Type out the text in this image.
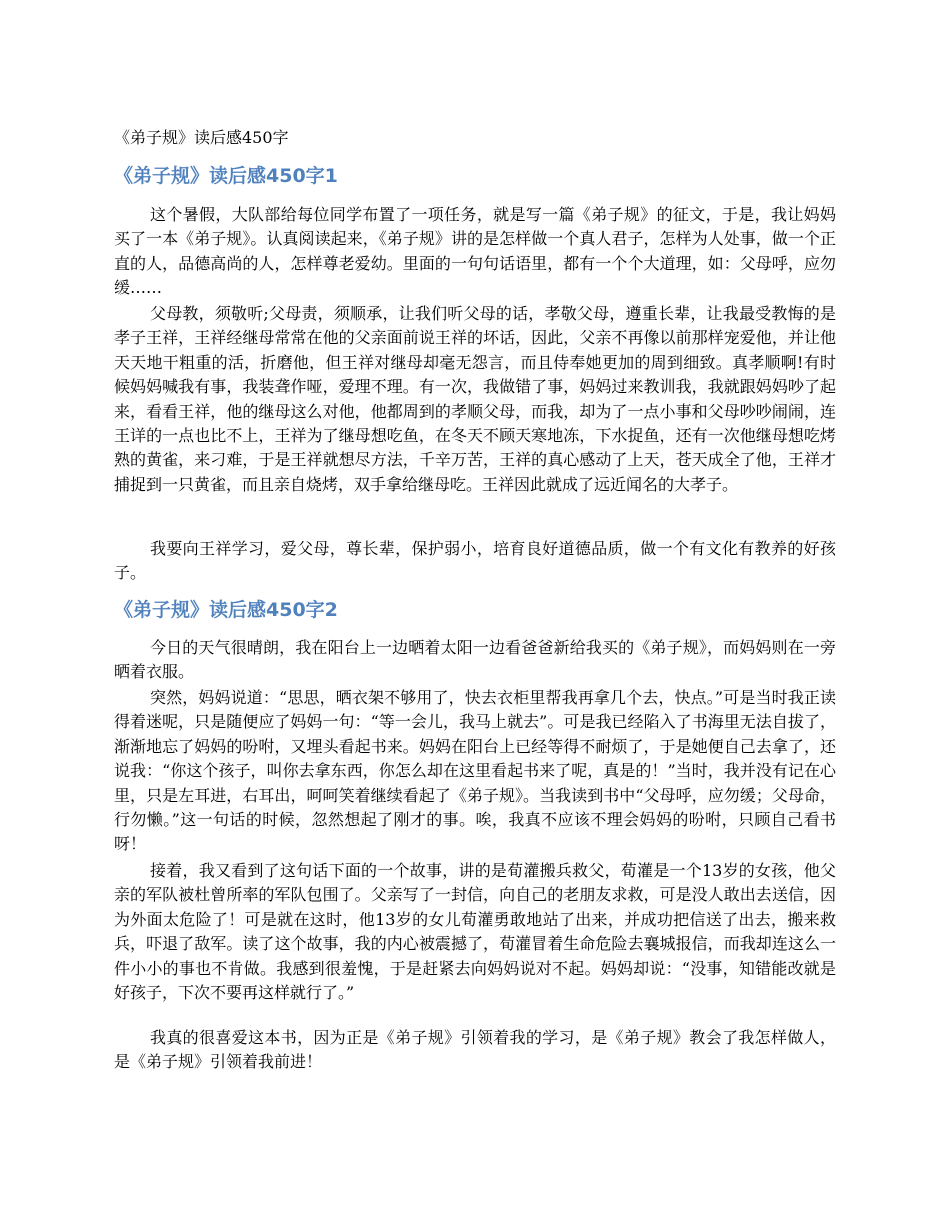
《弟子规》读后感450字
《弟子规》读后感450字1

这个暑假，大队部给每位同学布置了一项任务，就是写一篇《弟子规》的征文，于是，我让妈妈买了一本《弟子规》。认真阅读起来，《弟子规》讲的是怎样做一个真人君子，怎样为人处事，做一个正直的人，品德高尚的人，怎样尊老爱幼。里面的一句句话语里，都有一个个大道理，如：父母呼，应勿缓……

父母教，须敬听;父母责，须顺承，让我们听父母的话，孝敬父母，遵重长辈，让我最受教悔的是孝子王祥，王祥经继母常常在他的父亲面前说王祥的坏话，因此，父亲不再像以前那样宠爱他，并让他天天地干粗重的活，折磨他，但王祥对继母却毫无怨言，而且侍奉她更加的周到细致。真孝顺啊!有时候妈妈喊我有事，我装聋作哑，爱理不理。有一次，我做错了事，妈妈过来教训我，我就跟妈妈吵了起来，看看王祥，他的继母这么对他，他都周到的孝顺父母，而我，却为了一点小事和父母吵吵闹闹，连王详的一点也比不上，王祥为了继母想吃鱼，在冬天不顾天寒地冻，下水捉鱼，还有一次他继母想吃烤熟的黄雀，来刁难，于是王祥就想尽方法，千辛万苦，王祥的真心感动了上天，苍天成全了他，王祥才捕捉到一只黄雀，而且亲自烧烤，双手拿给继母吃。王祥因此就成了远近闻名的大孝子。

我要向王祥学习，爱父母，尊长辈，保护弱小，培育良好道德品质，做一个有文化有教养的好孩子。

《弟子规》读后感450字2

今日的天气很晴朗，我在阳台上一边晒着太阳一边看爸爸新给我买的《弟子规》，而妈妈则在一旁晒着衣服。

突然，妈妈说道：“思思，晒衣架不够用了，快去衣柜里帮我再拿几个去，快点。”可是当时我正读得着迷呢，只是随便应了妈妈一句：“等一会儿，我马上就去”。可是我已经陷入了书海里无法自拔了，渐渐地忘了妈妈的吩咐，又埋头看起书来。妈妈在阳台上已经等得不耐烦了，于是她便自己去拿了，还说我：“你这个孩子，叫你去拿东西，你怎么却在这里看起书来了呢，真是的！”当时，我并没有记在心里，只是左耳进，右耳出，呵呵笑着继续看起了《弟子规》。当我读到书中“父母呼，应勿缓；父母命，行勿懒。”这一句话的时候，忽然想起了刚才的事。唉，我真不应该不理会妈妈的吩咐，只顾自己看书呀！

接着，我又看到了这句话下面的一个故事，讲的是荀灌搬兵救父，荀灌是一个13岁的女孩，他父亲的军队被杜曾所率的军队包围了。父亲写了一封信，向自己的老朋友求救，可是没人敢出去送信，因为外面太危险了！可是就在这时，他13岁的女儿荀灌勇敢地站了出来，并成功把信送了出去，搬来救兵，吓退了敌军。读了这个故事，我的内心被震撼了，荀灌冒着生命危险去襄城报信，而我却连这么一件小小的事也不肯做。我感到很羞愧，于是赶紧去向妈妈说对不起。妈妈却说：“没事，知错能改就是好孩子，下次不要再这样就行了。”

我真的很喜爱这本书，因为正是《弟子规》引领着我的学习，是《弟子规》教会了我怎样做人，是《弟子规》引领着我前进！
